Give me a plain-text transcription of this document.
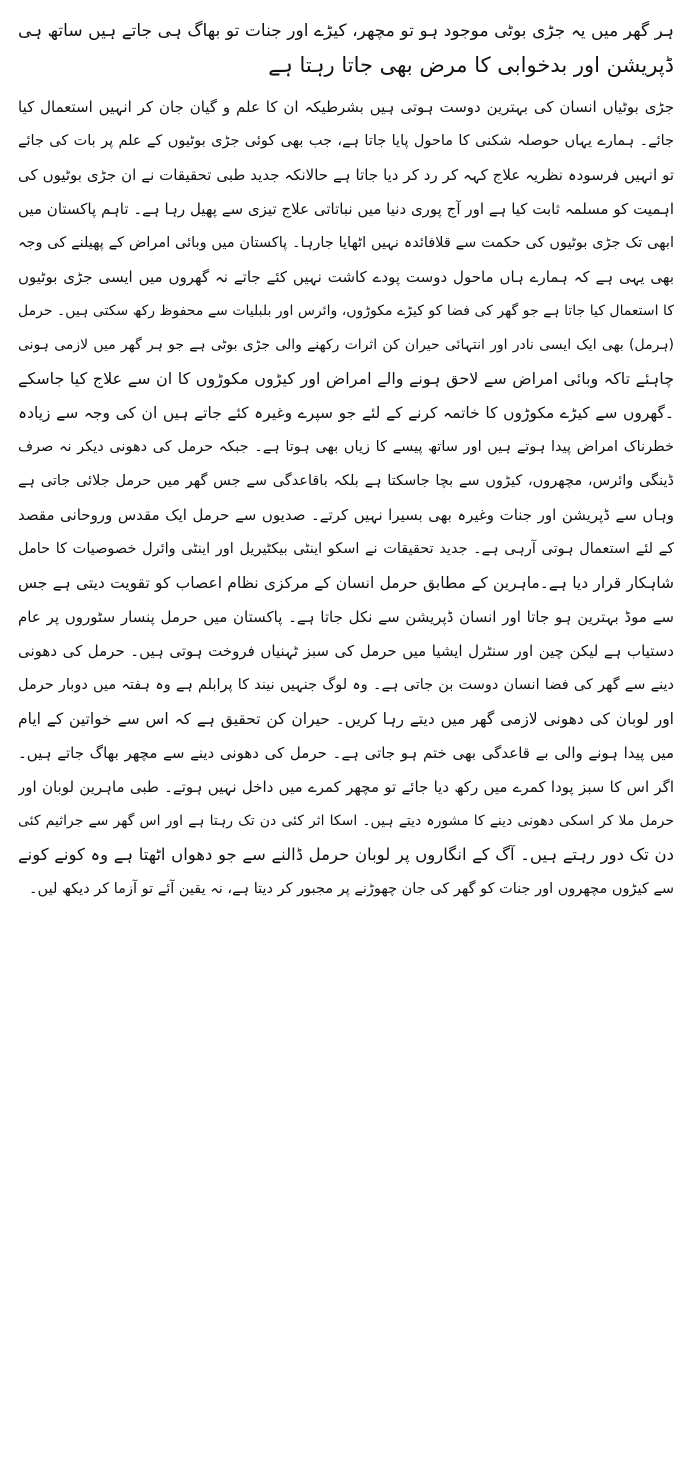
ہر گھر میں یہ جڑی بوٹی موجود ہو تو مچھر، کیڑے اور جنات تو بھاگ ہی جاتے ہیں ساتھ ہی
ڈپریشن اور بدخوابی کا مرض بھی جاتا رہتا ہے
جڑی بوٹیاں انسان کی بہترین دوست ہوتی ہیں بشرطیکہ ان کا علم و گیان جان کر انہیں استعمال کیا
جائے۔ ہمارے یہاں حوصلہ شکنی کا ماحول پایا جاتا ہے، جب بھی کوئی جڑی بوٹیوں کے علم پر بات کی جائے
تو انہیں فرسودہ نظریہ علاج کہہ کر رد کر دیا جاتا ہے حالانکہ جدید طبی تحقیقات نے ان جڑی بوٹیوں کی
اہمیت کو مسلمہ ثابت کیا ہے اور آج پوری دنیا میں نباتاتی علاج تیزی سے پھیل رہا ہے۔ تاہم پاکستان میں
ابھی تک جڑی بوٹیوں کی حکمت سے قلافائدہ نہیں اٹھایا جارہا۔ پاکستان میں وبائی امراض کے پھیلنے کی وجہ
بھی یہی ہے کہ ہمارے ہاں ماحول دوست پودے کاشت نہیں کئے جاتے نہ گھروں میں ایسی جڑی بوٹیوں
کا استعمال کیا جاتا ہے جو گھر کی فضا کو کیڑے مکوڑوں، وائرس اور بلبلیات سے محفوظ رکھ سکتی ہیں۔ حرمل
(ہرمل) بھی ایک ایسی نادر اور انتہائی حیران کن اثرات رکھنے والی جڑی بوٹی ہے جو ہر گھر میں لازمی ہونی
چاہئے تاکہ وبائی امراض سے لاحق ہونے والے امراض اور کیڑوں مکوڑوں کا ان سے علاج کیا جاسکے
۔گھروں سے کیڑے مکوڑوں کا خاتمہ کرنے کے لئے جو سپرے وغیرہ کئے جاتے ہیں ان کی وجہ سے زیادہ
خطرناک امراض پیدا ہوتے ہیں اور ساتھ پیسے کا زیاں بھی ہوتا ہے۔ جبکہ حرمل کی دھونی دیکر نہ صرف
ڈینگی وائرس، مچھروں، کیڑوں سے بچا جاسکتا ہے بلکہ باقاعدگی سے جس گھر میں حرمل جلائی جاتی ہے
وہاں سے ڈپریشن اور جنات وغیرہ بھی بسیرا نہیں کرتے۔ صدیوں سے حرمل ایک مقدس وروحانی مقصد
کے لئے استعمال ہوتی آرہی ہے۔ جدید تحقیقات نے اسکو اینٹی بیکٹیریل اور اینٹی وائرل خصوصیات کا حامل
شاہکار قرار دیا ہے۔ماہرین کے مطابق حرمل انسان کے مرکزی نظام اعصاب کو تقویت دیتی ہے جس
سے موڈ بہترین ہو جاتا اور انسان ڈپریشن سے نکل جاتا ہے۔ پاکستان میں حرمل پنسار سٹوروں پر عام
دستیاب ہے لیکن چین اور سنٹرل ایشیا میں حرمل کی سبز ٹہنیاں فروخت ہوتی ہیں۔ حرمل کی دھونی
دینے سے گھر کی فضا انسان دوست بن جاتی ہے۔ وہ لوگ جنہیں نیند کا پرابلم ہے وہ ہفتہ میں دوبار حرمل
اور لوبان کی دھونی لازمی گھر میں دیتے رہا کریں۔ حیران کن تحقیق ہے کہ اس سے خواتین کے ایام
میں پیدا ہونے والی بے قاعدگی بھی ختم ہو جاتی ہے۔ حرمل کی دھونی دینے سے مچھر بھاگ جاتے ہیں۔
اگر اس کا سبز پودا کمرے میں رکھ دیا جائے تو مچھر کمرے میں داخل نہیں ہوتے۔ طبی ماہرین لوبان اور
حرمل ملا کر اسکی دھونی دینے کا مشورہ دیتے ہیں۔ اسکا اثر کئی دن تک رہتا ہے اور اس گھر سے جراثیم کئی
دن تک دور رہتے ہیں۔ آگ کے انگاروں پر لوبان حرمل ڈالنے سے جو دھواں اٹھتا ہے وہ کونے کونے
سے کیڑوں مچھروں اور جنات کو گھر کی جان چھوڑنے پر مجبور کر دیتا ہے، نہ یقین آئے تو آزما کر دیکھ لیں۔
